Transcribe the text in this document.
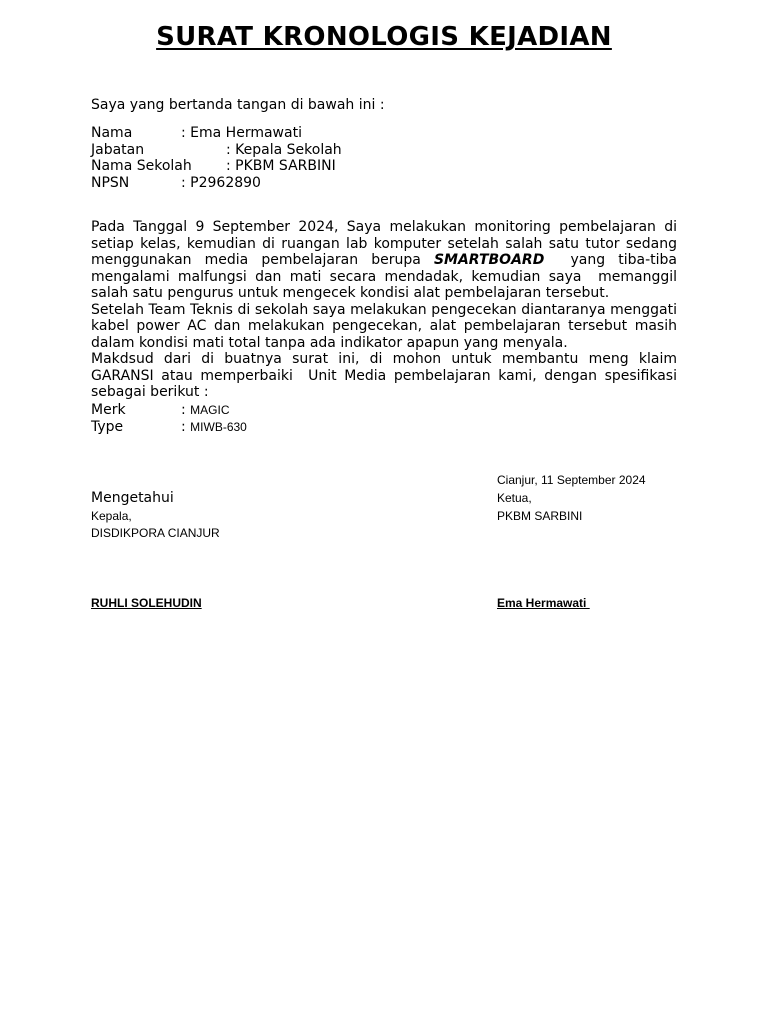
SURAT KRONOLOGIS KEJADIAN
Saya yang bertanda tangan di bawah ini :
Nama	: Ema Hermawati
Jabatan	: Kepala Sekolah
Nama Sekolah : PKBM SARBINI
NPSN	: P2962890

Pada Tanggal 9 September 2024, Saya melakukan monitoring pembelajaran di setiap kelas, kemudian di ruangan lab komputer setelah salah satu tutor sedang menggunakan media pembelajaran berupa SMARTBOARD  yang tiba-tiba mengalami malfungsi dan mati secara mendadak, kemudian saya  memanggil salah satu pengurus untuk mengecek kondisi alat pembelajaran tersebut.

Setelah Team Teknis di sekolah saya melakukan pengecekan diantaranya menggati kabel power AC dan melakukan pengecekan, alat pembelajaran tersebut masih dalam kondisi mati total tanpa ada indikator apapun yang menyala.

Makdsud dari di buatnya surat ini, di mohon untuk membantu meng klaim GARANSI atau memperbaiki  Unit Media pembelajaran kami, dengan spesifikasi sebagai berikut :

Merk	: MAGIC
Type	: MIWB-630
Cianjur, 11 September 2024
Mengetahui	Ketua,
Kepala,	PKBM SARBINI
DISDIKPORA CIANJUR
RUHLI SOLEHUDIN	Ema Hermawati
